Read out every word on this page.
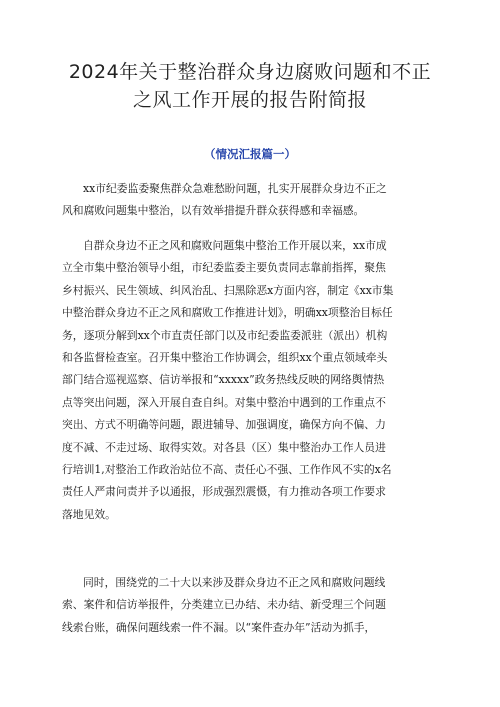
2024年关于整治群众身边腐败问题和不正
之风工作开展的报告附简报

（情况汇报篇一）

xx市纪委监委聚焦群众急难愁盼问题，扎实开展群众身边不正之
风和腐败问题集中整治，以有效举措提升群众获得感和幸福感。
自群众身边不正之风和腐败问题集中整治工作开展以来，xx市成
立全市集中整治领导小组，市纪委监委主要负责同志靠前指挥，聚焦
乡村振兴、民生领域、纠风治乱、扫黑除恶x方面内容，制定《xx市集
中整治群众身边不正之风和腐败工作推进计划》，明确xx项整治目标任
务，逐项分解到xx个市直责任部门以及市纪委监委派驻（派出）机构
和各监督检查室。召开集中整治工作协调会，组织xx个重点领域牵头
部门结合巡视巡察、信访举报和“xxxxx”政务热线反映的网络舆情热
点等突出问题，深入开展自查自纠。对集中整治中遇到的工作重点不
突出、方式不明确等问题，跟进辅导、加强调度，确保方向不偏、力
度不减、不走过场、取得实效。对各县（区）集中整治办工作人员进
行培训1,对整治工作政治站位不高、责任心不强、工作作风不实的x名
责任人严肃问责并予以通报，形成强烈震慑，有力推动各项工作要求
落地见效。
同时，围绕党的二十大以来涉及群众身边不正之风和腐败问题线
索、案件和信访举报件，分类建立已办结、未办结、新受理三个问题
线索台账，确保问题线索一件不漏。以“案件查办年”活动为抓手，
